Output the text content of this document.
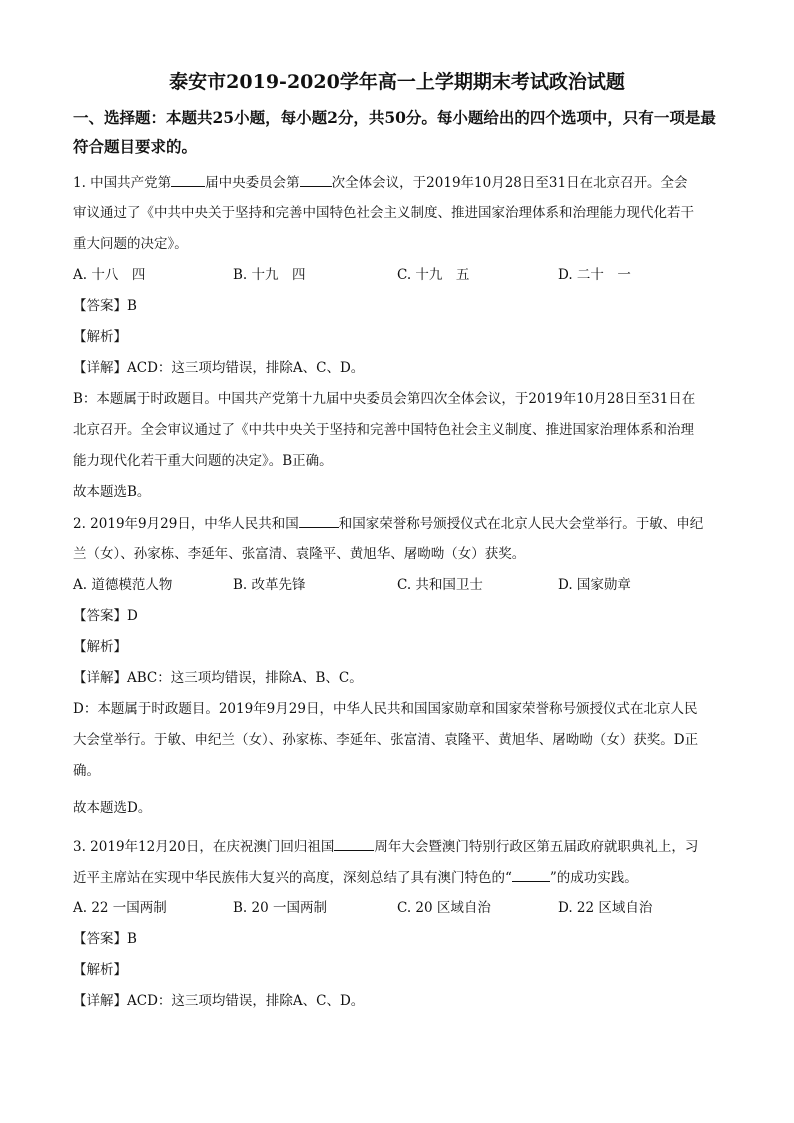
泰安市2019-2020学年高一上学期期末考试政治试题
一、选择题：本题共25小题，每小题2分，共50分。每小题给出的四个选项中，只有一项是最符合题目要求的。
1. 中国共产党第	届中央委员会第 次全体会议，于2019年10月28日至31日在北京召开。全会
审议通过了《中共中央关于坚持和完善中国特色社会主义制度、推进国家治理体系和治理能力现代化若干
重大问题的决定》。
A. 十八　四	B. 十九　四	C. 十九　五	D. 二十　一
【答案】B
【解析】
【详解】ACD：这三项均错误，排除A、C、D。
B：本题属于时政题目。中国共产党第十九届中央委员会第四次全体会议，于2019年10月28日至31日在
北京召开。全会审议通过了《中共中央关于坚持和完善中国特色社会主义制度、推进国家治理体系和治理
能力现代化若干重大问题的决定》。B正确。
故本题选B。
2. 2019年9月29日，中华人民共和国	和国家荣誉称号颁授仪式在北京人民大会堂举行。于敏、申纪
兰（女）、孙家栋、李延年、张富清、袁隆平、黄旭华、屠呦呦（女）获奖。
A. 道德模范人物	B. 改革先锋	C. 共和国卫士	D. 国家勋章
【答案】D
【解析】
【详解】ABC：这三项均错误，排除A、B、C。
D：本题属于时政题目。2019年9月29日，中华人民共和国国家勋章和国家荣誉称号颁授仪式在北京人民
大会堂举行。于敏、申纪兰（女）、孙家栋、李延年、张富清、袁隆平、黄旭华、屠呦呦（女）获奖。D正
确。
故本题选D。
3. 2019年12月20日，在庆祝澳门回归祖国	周年大会暨澳门特别行政区第五届政府就职典礼上，习
近平主席站在实现中华民族伟大复兴的高度，深刻总结了具有澳门特色的“	”的成功实践。
A. 22 一国两制	B. 20 一国两制	C. 20 区域自治	D. 22 区域自治
【答案】B
【解析】
【详解】ACD：这三项均错误，排除A、C、D。
